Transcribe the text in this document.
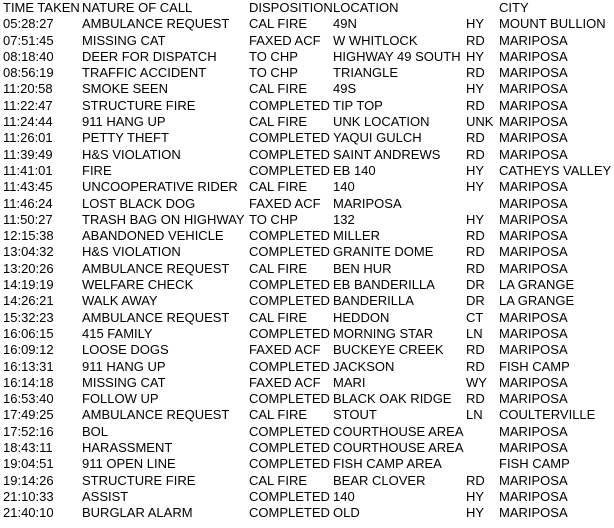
TIME TAKEN NATURE OF CALL	DISPOSITION LOCATION	CITY
05:28:27	AMBULANCE REQUEST	CAL FIRE	49N	HY	MOUNT BULLION
07:51:45	MISSING CAT	FAXED ACF W WHITLOCK	RD	MARIPOSA
08:18:40	DEER FOR DISPATCH	TO CHP	HIGHWAY 49 SOUTH HY	MARIPOSA
08:56:19	TRAFFIC ACCIDENT	TO CHP	TRIANGLE	RD	MARIPOSA
11:20:58	SMOKE SEEN	CAL FIRE	49S	HY	MARIPOSA
11:22:47	STRUCTURE FIRE	COMPLETED TIP TOP	RD	MARIPOSA
11:24:44	911 HANG UP	CAL FIRE	UNK LOCATION	UNK MARIPOSA
11:26:01	PETTY THEFT	COMPLETED YAQUI GULCH	RD	MARIPOSA
11:39:49	H&S VIOLATION	COMPLETED SAINT ANDREWS	RD	MARIPOSA
11:41:01	FIRE	COMPLETED EB 140	HY	CATHEYS VALLEY
11:43:45	UNCOOPERATIVE RIDER CAL FIRE	140	HY	MARIPOSA
11:46:24	LOST BLACK DOG	FAXED ACF MARIPOSA	MARIPOSA
11:50:27	TRASH BAG ON HIGHWAY TO CHP	132	HY	MARIPOSA
12:15:38	ABANDONED VEHICLE	COMPLETED MILLER	RD	MARIPOSA
13:04:32	H&S VIOLATION	COMPLETED GRANITE DOME	RD	MARIPOSA
13:20:26	AMBULANCE REQUEST	CAL FIRE	BEN HUR	RD	MARIPOSA
14:19:19	WELFARE CHECK	COMPLETED EB BANDERILLA	DR	LA GRANGE
14:26:21	WALK AWAY	COMPLETED BANDERILLA	DR	LA GRANGE
15:32:23	AMBULANCE REQUEST	CAL FIRE	HEDDON	CT	MARIPOSA
16:06:15	415 FAMILY	COMPLETED MORNING STAR	LN	MARIPOSA
16:09:12	LOOSE DOGS	FAXED ACF BUCKEYE CREEK	RD	MARIPOSA
16:13:31	911 HANG UP	COMPLETED JACKSON	RD	FISH CAMP
16:14:18	MISSING CAT	FAXED ACF MARI	WY MARIPOSA
16:53:40	FOLLOW UP	COMPLETED BLACK OAK RIDGE	RD	MARIPOSA
17:49:25	AMBULANCE REQUEST	CAL FIRE	STOUT	LN	COULTERVILLE
17:52:16	BOL	COMPLETED COURTHOUSE AREA	MARIPOSA
18:43:11	HARASSMENT	COMPLETED COURTHOUSE AREA	MARIPOSA
19:04:51	911 OPEN LINE	COMPLETED FISH CAMP AREA	FISH CAMP
19:14:26	STRUCTURE FIRE	CAL FIRE	BEAR CLOVER	RD	MARIPOSA
21:10:33	ASSIST	COMPLETED 140	HY	MARIPOSA
21:40:10	BURGLAR ALARM	COMPLETED OLD	HY	MARIPOSA
